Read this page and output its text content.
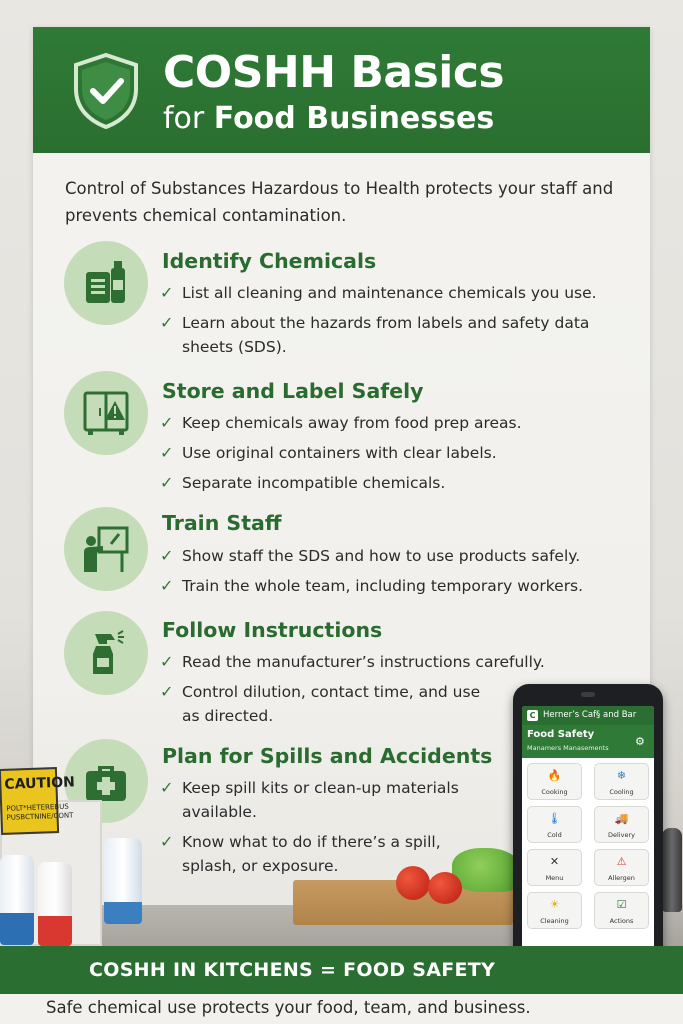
COSHH Basics
for Food Businesses
Control of Substances Hazardous to Health protects your staff and prevents chemical contamination.
Identify Chemicals
✓ List all cleaning and maintenance chemicals you use.
✓ Learn about the hazards from labels and safety data sheets (SDS).
Store and Label Safely
✓ Keep chemicals away from food prep areas.
✓ Use original containers with clear labels.
✓ Separate incompatible chemicals.
Train Staff
✓ Show staff the SDS and how to use products safely.
✓ Train the whole team, including temporary workers.
Follow Instructions
✓ Read the manufacturer’s instructions carefully.
✓ Control dilution, contact time, and use as directed.
Plan for Spills and Accidents
✓ Keep spill kits or clean-up materials available.
✓ Know what to do if there’s a spill, splash, or exposure.
CAUTION
POLT*HETEREBUS
PUSBCTNINE/CONT
C Herner’s Caf§ and Bar
Food Safety
Manamers Manasements ⚙
🔥
Cooking
❄
Cooling
🌡
Cold
🚚
Delivery
✕
Menu
⚠
Allergen
☀
Cleaning
☑
Actions
COSHH IN KITCHENS = FOOD SAFETY
Safe chemical use protects your food, team, and business.
